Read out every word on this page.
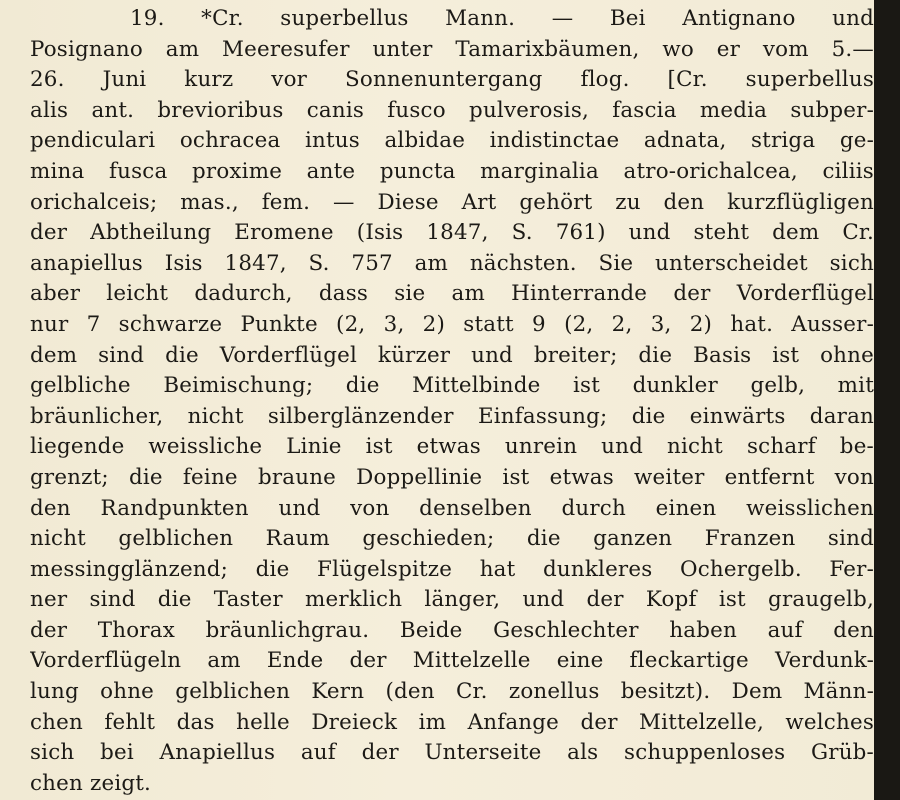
19. *Cr. superbellus Mann. — Bei Antignano und
Posignano am Meeresufer unter Tamarixbäumen, wo er vom 5.—
26. Juni kurz vor Sonnenuntergang flog. [Cr. superbellus
alis ant. brevioribus canis fusco pulverosis, fascia media subper-
pendiculari ochracea intus albidae indistinctae adnata, striga ge-
mina fusca proxime ante puncta marginalia atro-orichalcea, ciliis
orichalceis; mas., fem. — Diese Art gehört zu den kurzflügligen
der Abtheilung Eromene (Isis 1847, S. 761) und steht dem Cr.
anapiellus Isis 1847, S. 757 am nächsten. Sie unterscheidet sich
aber leicht dadurch, dass sie am Hinterrande der Vorderflügel
nur 7 schwarze Punkte (2, 3, 2) statt 9 (2, 2, 3, 2) hat. Ausser-
dem sind die Vorderflügel kürzer und breiter; die Basis ist ohne
gelbliche Beimischung; die Mittelbinde ist dunkler gelb, mit
bräunlicher, nicht silberglänzender Einfassung; die einwärts daran
liegende weissliche Linie ist etwas unrein und nicht scharf be-
grenzt; die feine braune Doppellinie ist etwas weiter entfernt von
den Randpunkten und von denselben durch einen weisslichen
nicht gelblichen Raum geschieden; die ganzen Franzen sind
messingglänzend; die Flügelspitze hat dunkleres Ochergelb. Fer-
ner sind die Taster merklich länger, und der Kopf ist graugelb,
der Thorax bräunlichgrau. Beide Geschlechter haben auf den
Vorderflügeln am Ende der Mittelzelle eine fleckartige Verdunk-
lung ohne gelblichen Kern (den Cr. zonellus besitzt). Dem Männ-
chen fehlt das helle Dreieck im Anfange der Mittelzelle, welches
sich bei Anapiellus auf der Unterseite als schuppenloses Grüb-
chen zeigt.
